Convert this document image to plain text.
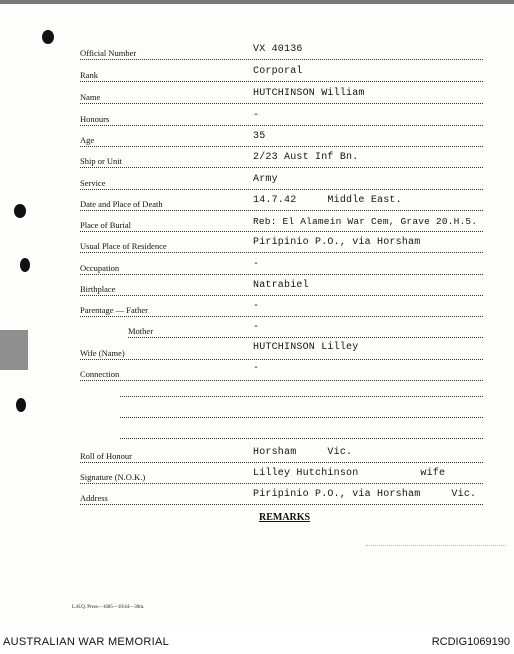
Official Number	VX 40136
Rank	Corporal
Name	HUTCHINSON William
Honours	-
Age	35
Ship or Unit	2/23 Aust Inf Bn.
Service	Army
Date and Place of Death	14.7.42     Middle East.
Place of Burial	Reb: El Alamein War Cem, Grave 20.H.5.
Usual Place of Residence	Piripinio P.O., via Horsham
Occupation	-
Birthplace	Natrabiel
Parentage — Father	-
Mother	-
Wife (Name)	HUTCHINSON Lilley
Connection	-
Roll of Honour	Horsham     Vic.
Signature (N.O.K.)	Lilley Hutchinson          wife
Address	Piripinio P.O., via Horsham     Vic.
REMARKS
L.H.Q. Press—1685—10/44—30m.
AUSTRALIAN WAR MEMORIAL	RCDIG1069190
